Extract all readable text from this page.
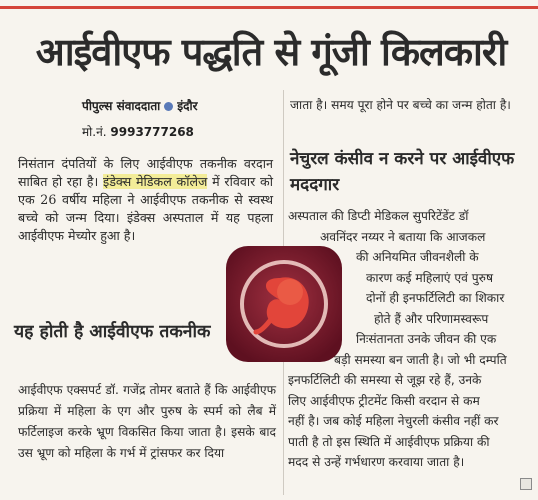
आईवीएफ पद्धति से गूंजी किलकारी
पीपुल्स संवाददाता इंदौर
मो.नं. 9993777268

निसंतान दंपतियों के लिए आईवीएफ तकनीक वरदान साबित हो रहा है। इंडेक्स मेडिकल कॉलेज में रविवार को एक 26 वर्षीय महिला ने आईवीएफ तकनीक से स्वस्थ बच्चे को जन्म दिया। इंडेक्स अस्पताल में यह पहला आईवीएफ मेच्योर हुआ है।

यह होती है आईवीएफ तकनीक

आईवीएफ एक्सपर्ट डॉ. गजेंद्र तोमर बताते हैं कि आईवीएफ प्रक्रिया में महिला के एग और पुरुष के स्पर्म को लैब में फर्टिलाइज करके भ्रूण विकसित किया जाता है। इसके बाद उस भ्रूण को महिला के गर्भ में ट्रांसफर कर दिया

जाता है। समय पूरा होने पर बच्चे का जन्म होता है।

नेचुरल कंसीव न करने पर आईवीएफ मददगार
अस्पताल की डिप्टी मेडिकल सुपरिटेंडेंट डॉ
अवनिंदर नय्यर ने बताया कि आजकल
की अनियमित जीवनशैली के
कारण कई महिलाएं एवं पुरुष
दोनों ही इनफर्टिलिटी का शिकार
होते हैं और परिणामस्वरूप
निःसंतानता उनके जीवन की एक
बड़ी समस्या बन जाती है। जो भी दम्पति
इनफर्टिलिटी की समस्या से जूझ रहे हैं, उनके
लिए आईवीएफ ट्रीटमेंट किसी वरदान से कम
नहीं है। जब कोई महिला नेचुरली कंसीव नहीं कर
पाती है तो इस स्थिति में आईवीएफ प्रक्रिया की
मदद से उन्हें गर्भधारण करवाया जाता है।
